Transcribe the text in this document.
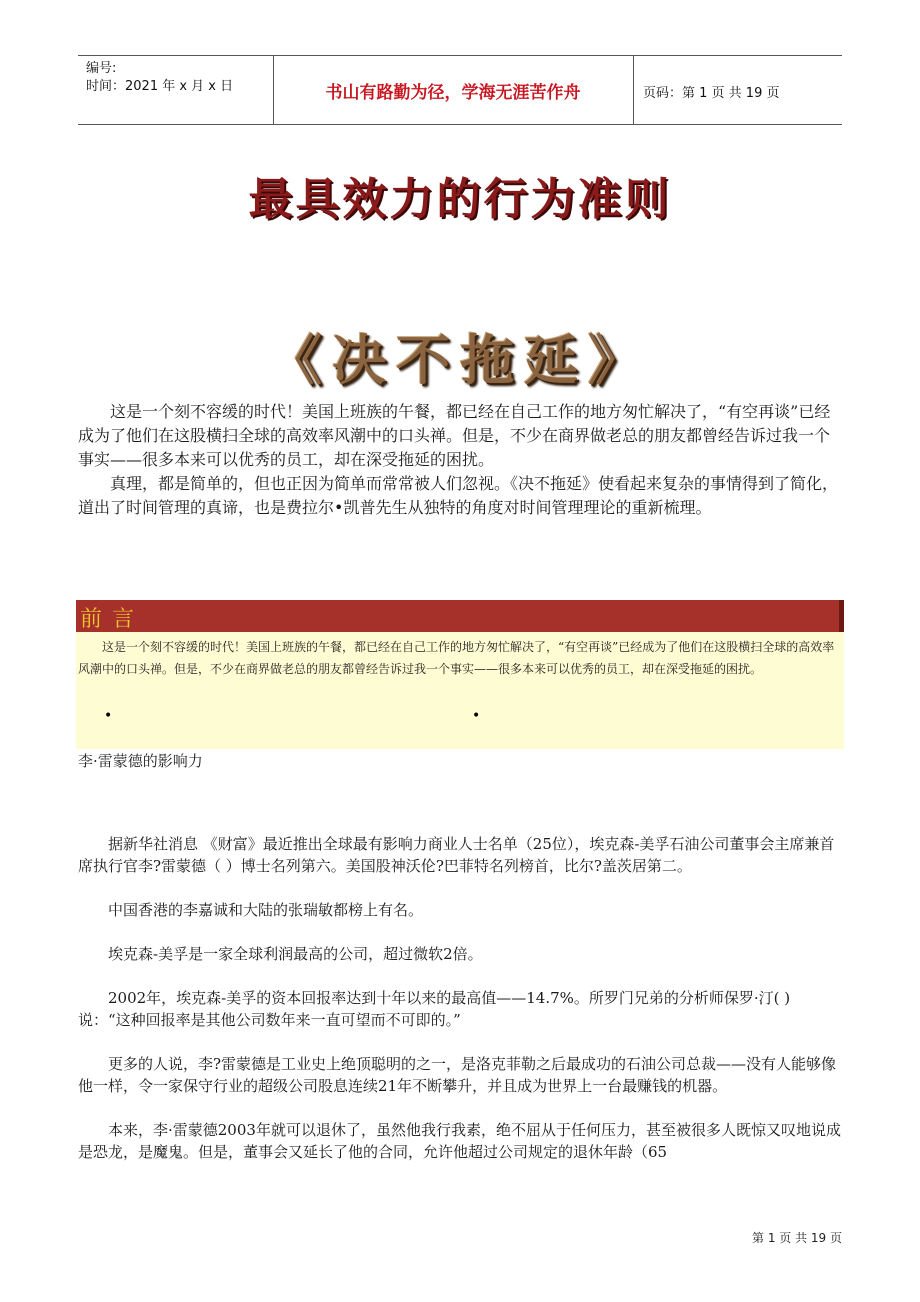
编号:
时间：2021 年 x 月 x 日	书山有路勤为径，学海无涯苦作舟	页码：第 1 页 共 19 页
最具效力的行为准则
《决不拖延》

这是一个刻不容缓的时代！美国上班族的午餐，都已经在自己工作的地方匆忙解决了，“有空再谈”已经成为了他们在这股横扫全球的高效率风潮中的口头禅。但是，不少在商界做老总的朋友都曾经告诉过我一个事实——很多本来可以优秀的员工，却在深受拖延的困扰。

真理，都是简单的，但也正因为简单而常常被人们忽视。《决不拖延》使看起来复杂的事情得到了简化，道出了时间管理的真谛，也是费拉尔•凯普先生从独特的角度对时间管理理论的重新梳理。

前言

这是一个刻不容缓的时代！美国上班族的午餐，都已经在自己工作的地方匆忙解决了，“有空再谈”已经成为了他们在这股横扫全球的高效率风潮中的口头禅。但是，不少在商界做老总的朋友都曾经告诉过我一个事实——很多本来可以优秀的员工，却在深受拖延的困扰。

•	•
李·雷蒙德的影响力

据新华社消息 《财富》最近推出全球最有影响力商业人士名单（25位），埃克森-美孚石油公司董事会主席兼首席执行官李?雷蒙德（ ）博士名列第六。美国股神沃伦?巴菲特名列榜首，比尔?盖茨居第二。

中国香港的李嘉诚和大陆的张瑞敏都榜上有名。

埃克森-美孚是一家全球利润最高的公司，超过微软2倍。

2002年，埃克森-美孚的资本回报率达到十年以来的最高值——14.7%。所罗门兄弟的分析师保罗·汀( )说：“这种回报率是其他公司数年来一直可望而不可即的。”

更多的人说，李?雷蒙德是工业史上绝顶聪明的之一，是洛克菲勒之后最成功的石油公司总裁——没有人能够像他一样，令一家保守行业的超级公司股息连续21年不断攀升，并且成为世界上一台最赚钱的机器。

本来，李·雷蒙德2003年就可以退休了，虽然他我行我素，绝不屈从于任何压力，甚至被很多人既惊又叹地说成是恐龙，是魔鬼。但是，董事会又延长了他的合同，允许他超过公司规定的退休年龄（65

第 1 页 共 19 页
